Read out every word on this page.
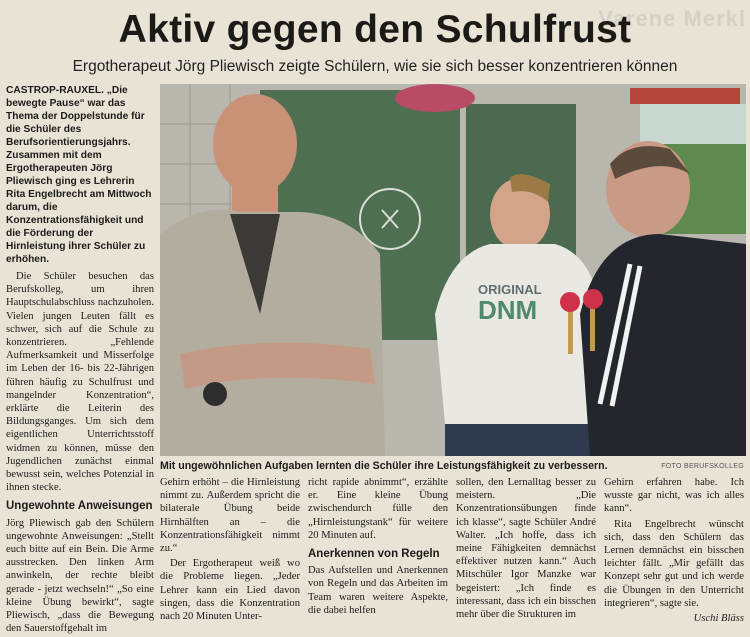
Varene Merkl
Aktiv gegen den Schulfrust
Ergotherapeut Jörg Pliewisch zeigte Schülern, wie sie sich besser konzentrieren können

CASTROP-RAUXEL. „Die bewegte Pause“ war das Thema der Doppelstunde für die Schüler des Berufsorientierungsjahrs. Zusammen mit dem Ergotherapeuten Jörg Pliewisch ging es Lehrerin Rita Engelbrecht am Mittwoch darum, die Konzentrationsfähigkeit und die Förderung der Hirnleistung ihrer Schüler zu erhöhen.

Die Schüler besuchen das Berufskolleg, um ihren Hauptschulabschluss nachzuholen. Vielen jungen Leuten fällt es schwer, sich auf die Schule zu konzentrieren. „Fehlende Aufmerksamkeit und Misserfolge im Leben der 16- bis 22-Jährigen führen häufig zu Schulfrust und mangelnder Konzentration“, erklärte die Leiterin des Bildungsganges. Um sich dem eigentlichen Unterrichtsstoff widmen zu können, müsse den Jugendlichen zunächst einmal bewusst sein, welches Potenzial in ihnen stecke.

Ungewohnte Anweisungen

Jörg Pliewisch gab den Schülern ungewohnte Anweisungen: „Stellt euch bitte auf ein Bein. Die Arme ausstrecken. Den linken Arm anwinkeln, der rechte bleibt gerade - jetzt wechseln!“ „So eine kleine Übung bewirkt“, sagte Pliewisch, „dass die Bewegung den Sauerstoffgehalt im

ORIGINAL
DNM
Mit ungewöhnlichen Aufgaben lernten die Schüler ihre Leistungsfähigkeit zu verbessern.	FOTO BERUFSKOLLEG

Gehirn erhöht – die Hirnleistung nimmt zu. Außerdem spricht die bilaterale Übung beide Hirnhälften an – die Konzentrationsfähigkeit nimmt zu.“

Der Ergotherapeut weiß wo die Probleme liegen. „Jeder Lehrer kann ein Lied davon singen, dass die Konzentration nach 20 Minuten Unter-

richt rapide abnimmt“, erzählte er. Eine kleine Übung zwischendurch fülle den „Hirnleistungstank“ für weitere 20 Minuten auf.

Anerkennen von Regeln

Das Aufstellen und Anerkennen von Regeln und das Arbeiten im Team waren weitere Aspekte, die dabei helfen

sollen, den Lernalltag besser zu meistern. „Die Konzentrationsübungen finde ich klasse“, sagte Schüler André Walter. „Ich hoffe, dass ich meine Fähigkeiten demnächst effektiver nutzen kann.“ Auch Mitschüler Igor Manzke war begeistert: „Ich finde es interessant, dass ich ein bisschen mehr über die Strukturen im

Gehirn erfahren habe. Ich wusste gar nicht, was ich alles kann“.

Rita Engelbrecht wünscht sich, dass den Schülern das Lernen demnächst ein bisschen leichter fällt. „Mir gefällt das Konzept sehr gut und ich werde die Übungen in den Unterricht integrieren“, sagte sie.

Uschi Bläss
